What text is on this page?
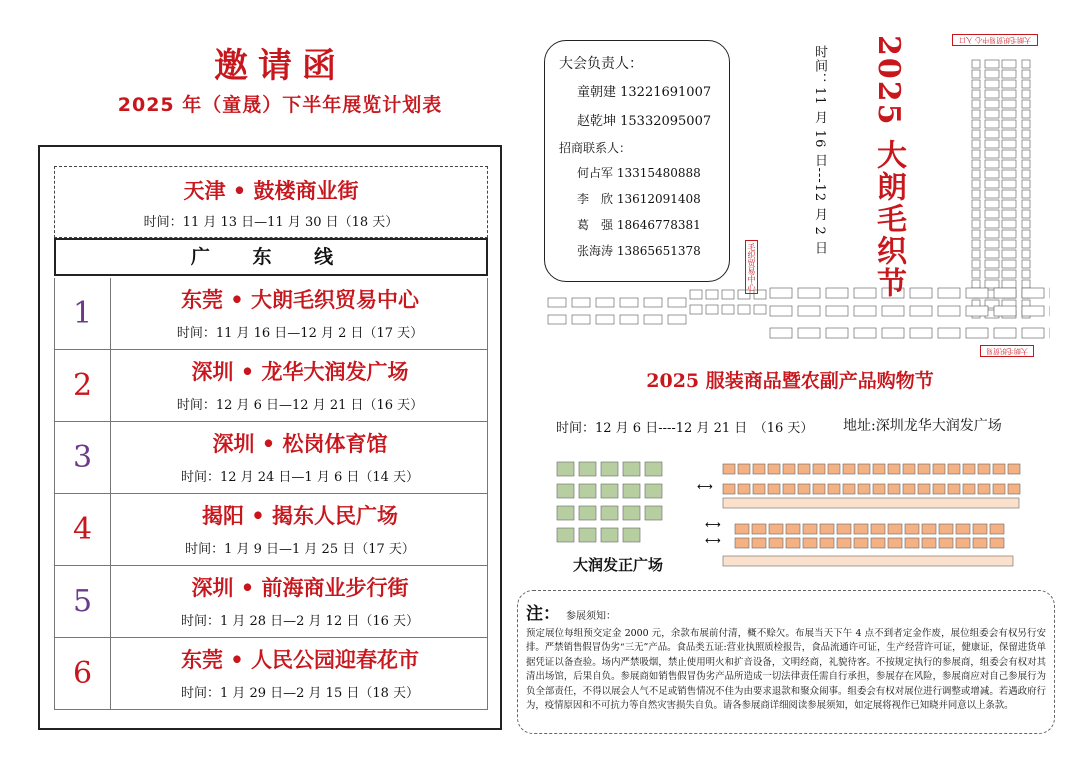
邀请函
2025 年（童晟）下半年展览计划表
天津 • 鼓楼商业街
时间：11 月 13 日—11 月 30 日（18 天）
广 东 线
1	东莞 • 大朗毛织贸易中心
时间：11 月 16 日—12 月 2 日（17 天）
2	深圳 • 龙华大润发广场
时间：12 月 6 日—12 月 21 日（16 天）
3	深圳 • 松岗体育馆
时间：12 月 24 日—1 月 6 日（14 天）
4	揭阳 • 揭东人民广场
时间：1 月 9 日—1 月 25 日（17 天）
5	深圳 • 前海商业步行街
时间：1 月 28 日—2 月 12 日（16 天）
6	东莞 • 人民公园迎春花市
时间：1 月 29 日—2 月 15 日（18 天）
大会负责人：
童朝建 13221691007
赵乾坤 15332095007
招商联系人：
何占军 13315480888
李　欣 13612091408
葛　强 18646778381
张海涛 13865651378	时间：11 月 16 日---12 月 2 日 2025 大朗毛织节
毛织贸易中心
大朗毛织贸易中心 入口
大朗毛织贸易
2025 服装商品暨农副产品购物节
时间：12 月 6 日----12 月 21 日　（16 天） 地址:深圳龙华大润发广场
⟷
⟷
⟷
大润发正广场
注： 参展须知：
预定展位每组预交定金 2000 元，余款布展前付清，概不赊欠。布展当天下午 4 点不到者定金作废，展位组委会有权另行安排。严禁销售假冒伪劣“三无”产品。食品类五证:营业执照质检报告，食品流通许可证，生产经营许可证，健康证，保留进货单据凭证以备查验。场内严禁吸烟，禁止使用明火和扩音设备，文明经商，礼貌待客。不按规定执行的参展商，组委会有权对其清出场馆，后果自负。参展商如销售假冒伪劣产品所造成一切法律责任需自行承担，参展存在风险，参展商应对自己参展行为负全部责任，不得以展会人气不足或销售情况不佳为由要求退款和聚众闹事。组委会有权对展位进行调整或增减。若遇政府行为，疫情原因和不可抗力等自然灾害损失自负。请各参展商详细阅读参展须知，如定展将视作已知晓并同意以上条款。
